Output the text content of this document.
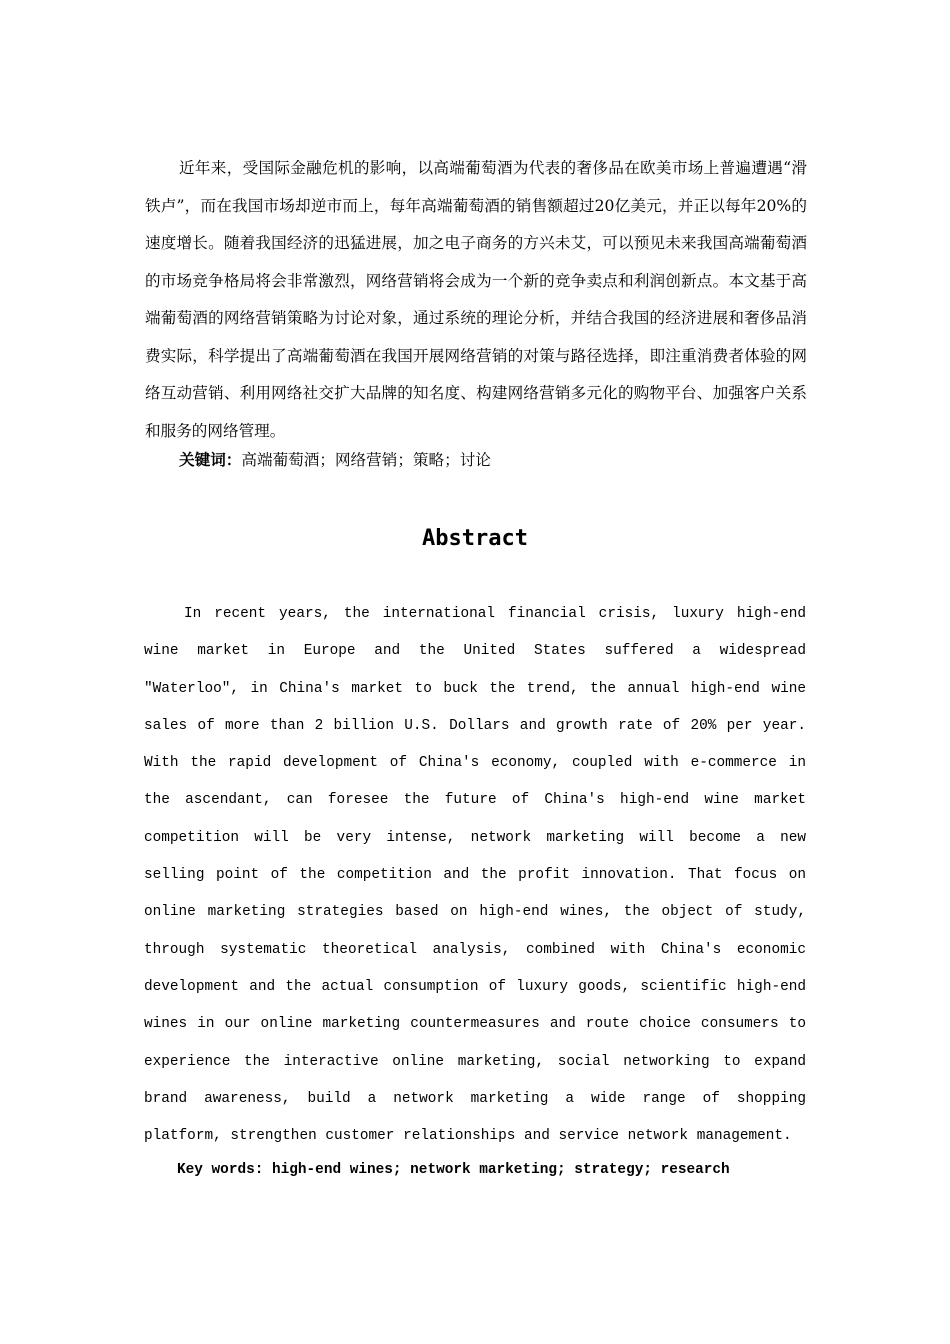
近年来，受国际金融危机的影响，以高端葡萄酒为代表的奢侈品在欧美市场上普遍遭遇“滑铁卢”，而在我国市场却逆市而上，每年高端葡萄酒的销售额超过20亿美元，并正以每年20%的速度增长。随着我国经济的迅猛进展，加之电子商务的方兴未艾，可以预见未来我国高端葡萄酒的市场竞争格局将会非常激烈，网络营销将会成为一个新的竞争卖点和利润创新点。本文基于高端葡萄酒的网络营销策略为讨论对象，通过系统的理论分析，并结合我国的经济进展和奢侈品消费实际，科学提出了高端葡萄酒在我国开展网络营销的对策与路径选择，即注重消费者体验的网络互动营销、利用网络社交扩大品牌的知名度、构建网络营销多元化的购物平台、加强客户关系和服务的网络管理。

关键词：高端葡萄酒；网络营销；策略；讨论

Abstract

In recent years, the international financial crisis, luxury high-end wine market in Europe and the United States suffered a widespread "Waterloo", in China's market to buck the trend, the annual high-end wine sales of more than 2 billion U.S. Dollars and growth rate of 20% per year. With the rapid development of China's economy, coupled with e-commerce in the ascendant, can foresee the future of China's high-end wine market competition will be very intense, network marketing will become a new selling point of the competition and the profit innovation. That focus on online marketing strategies based on high-end wines, the object of study, through systematic theoretical analysis, combined with China's economic development and the actual consumption of luxury goods, scientific high-end wines in our online marketing countermeasures and route choice consumers to experience the interactive online marketing, social networking to expand brand awareness, build a network marketing a wide range of shopping platform, strengthen customer relationships and service network management.

Key words: high-end wines; network marketing; strategy; research
